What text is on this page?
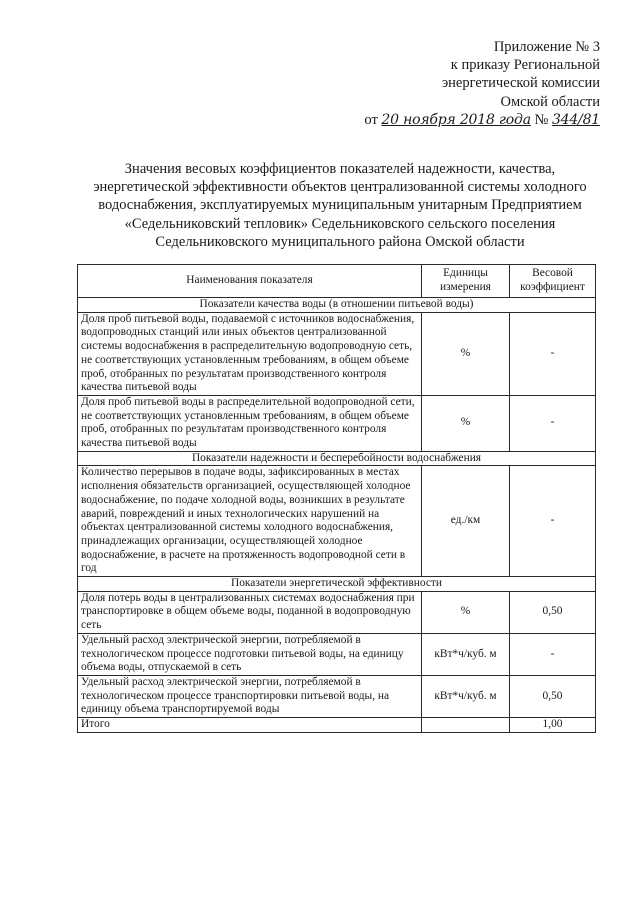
Приложение № 3
к приказу Региональной
энергетической комиссии
Омской области
от 20 ноября 2018 года № 344/81
Значения весовых коэффициентов показателей надежности, качества,
энергетической эффективности объектов централизованной системы холодного
водоснабжения, эксплуатируемых муниципальным унитарным Предприятием
«Седельниковский тепловик» Седельниковского сельского поселения
Седельниковского муниципального района Омской области
Наименования показателя	Единицы измерения	Весовой коэффициент
Показатели качества воды (в отношении питьевой воды)		
Доля проб питьевой воды, подаваемой с источников водоснабжения, водопроводных станций или иных объектов централизованной системы водоснабжения в распределительную водопроводную сеть, не соответствующих установленным требованиям, в общем объеме проб, отобранных по результатам производственного контроля качества питьевой воды	%	-
Доля проб питьевой воды в распределительной водопроводной сети, не соответствующих установленным требованиям, в общем объеме проб, отобранных по результатам производственного контроля качества питьевой воды	%	-
Показатели надежности и бесперебойности водоснабжения		
Количество перерывов в подаче воды, зафиксированных в местах исполнения обязательств организацией, осуществляющей холодное водоснабжение, по подаче холодной воды, возникших в результате аварий, повреждений и иных технологических нарушений на объектах централизованной системы холодного водоснабжения, принадлежащих организации, осуществляющей холодное водоснабжение, в расчете на протяженность водопроводной сети в год	ед./км	-
Показатели энергетической эффективности		
Доля потерь воды в централизованных системах водоснабжения при транспортировке в общем объеме воды, поданной в водопроводную сеть	%	0,50
Удельный расход электрической энергии, потребляемой в технологическом процессе подготовки питьевой воды, на единицу объема воды, отпускаемой в сеть	кВт*ч/куб. м	-
Удельный расход электрической энергии, потребляемой в технологическом процессе транспортировки питьевой воды, на единицу объема транспортируемой воды	кВт*ч/куб. м	0,50
Итого		1,00
